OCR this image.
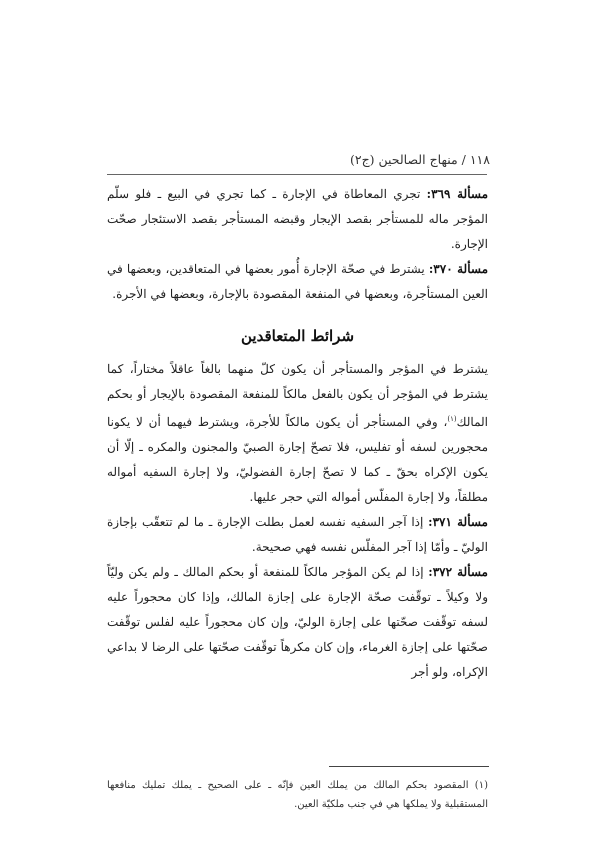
١١٨ / منهاج الصالحين (ج٢)

مسألة ٣٦٩: تجري المعاطاة في الإجارة ـ كما تجري في البيع ـ فلو سلّم المؤجر ماله للمستأجر بقصد الإيجار وقبضه المستأجر بقصد الاستئجار صحّت الإجارة.

مسألة ٣٧٠: يشترط في صحّة الإجارة أُمور بعضها في المتعاقدين، وبعضها في العين المستأجرة، وبعضها في المنفعة المقصودة بالإجارة، وبعضها في الأجرة.

شرائط المتعاقدين

يشترط في المؤجر والمستأجر أن يكون كلّ منهما بالغاً عاقلاً مختاراً، كما يشترط في المؤجر أن يكون بالفعل مالكاً للمنفعة المقصودة بالإيجار أو بحكم المالك$^{(١)}$، وفي المستأجر أن يكون مالكاً للأجرة، ويشترط فيهما أن لا يكونا محجورين لسفه أو تفليس، فلا تصحّ إجارة الصبيّ والمجنون والمكره ـ إلّا أن يكون الإكراه بحقّ ـ كما لا تصحّ إجارة الفضوليّ، ولا إجارة السفيه أمواله مطلقاً، ولا إجارة المفلّس أمواله التي حجر عليها.

مسألة ٣٧١: إذا آجر السفيه نفسه لعمل بطلت الإجارة ـ ما لم تتعقّب بإجازة الوليّ ـ وأمّا إذا آجر المفلّس نفسه فهي صحيحة.

مسألة ٣٧٢: إذا لم يكن المؤجر مالكاً للمنفعة أو بحكم المالك ـ ولم يكن وليّاً ولا وكيلاً ـ توقّفت صحّة الإجارة على إجازة المالك، وإذا كان محجوراً عليه لسفه توقّفت صحّتها على إجازة الوليّ، وإن كان محجوراً عليه لفلس توقّفت صحّتها على إجازة الغرماء، وإن كان مكرهاً توقّفت صحّتها على الرضا لا بداعي الإكراه، ولو أجر

(١) المقصود بحكم المالك من يملك العين فإنّه ـ على الصحيح ـ يملك تمليك منافعها المستقبلية ولا يملكها هي في جنب ملكيّة العين.
